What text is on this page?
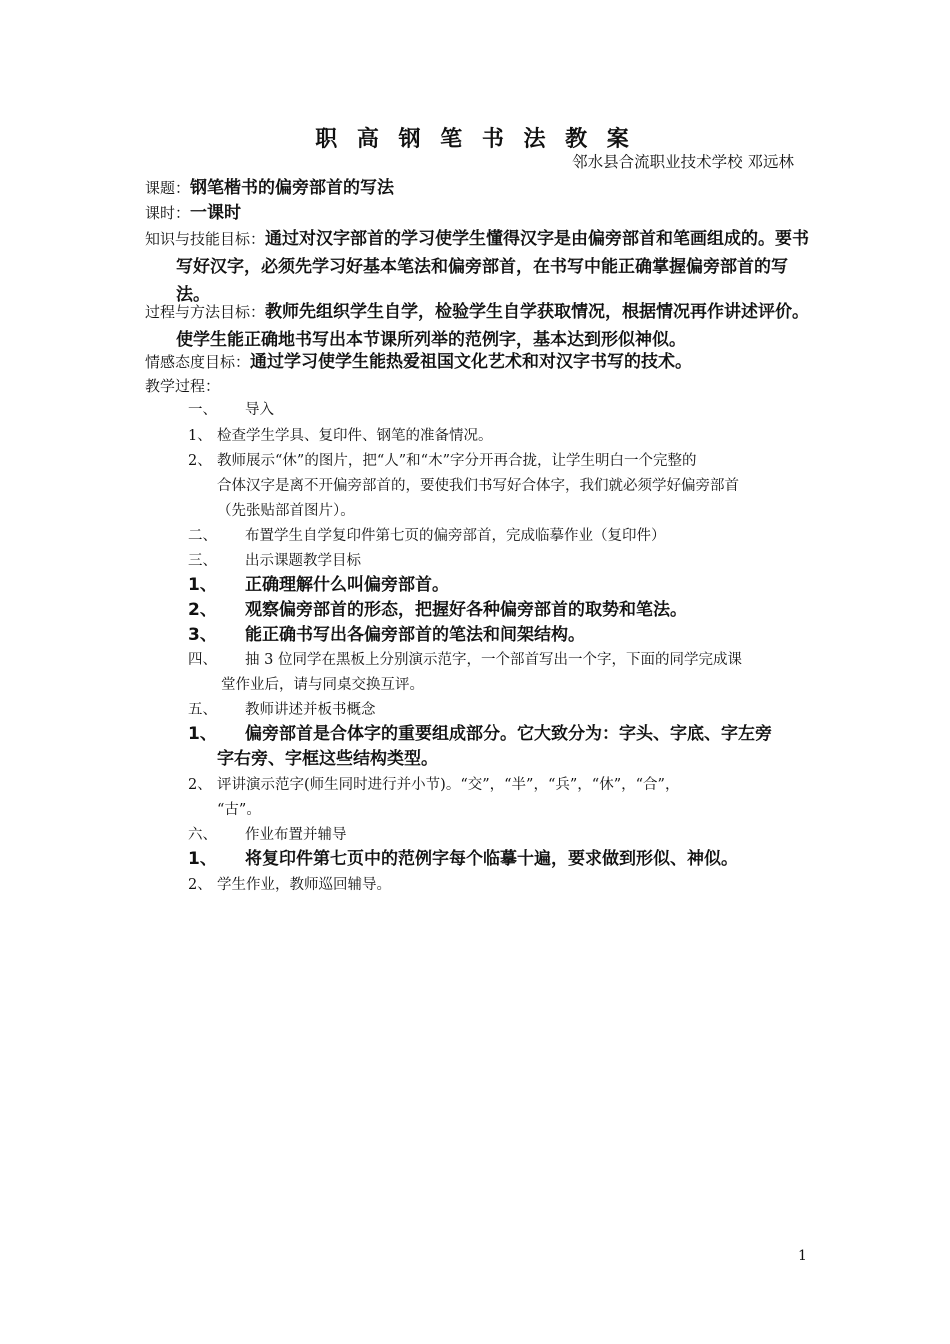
职 高 钢 笔 书 法 教 案
邻水县合流职业技术学校 邓远林
课题：钢笔楷书的偏旁部首的写法
课时：一课时
知识与技能目标：通过对汉字部首的学习使学生懂得汉字是由偏旁部首和笔画组成的。要书写好汉字，必须先学习好基本笔法和偏旁部首，在书写中能正确掌握偏旁部首的写法。
过程与方法目标：教师先组织学生自学，检验学生自学获取情况，根据情况再作讲述评价。使学生能正确地书写出本节课所列举的范例字，基本达到形似神似。
情感态度目标：通过学习使学生能热爱祖国文化艺术和对汉字书写的技术。
教学过程：
一、 导入
1、 检查学生学具、复印件、钢笔的准备情况。
2、 教师展示“休”的图片，把“人”和“木”字分开再合拢，让学生明白一个完整的
合体汉字是离不开偏旁部首的，要使我们书写好合体字，我们就必须学好偏旁部首
（先张贴部首图片）。
二、 布置学生自学复印件第七页的偏旁部首，完成临摹作业（复印件）
三、 出示课题教学目标
1、 正确理解什么叫偏旁部首。
2、 观察偏旁部首的形态，把握好各种偏旁部首的取势和笔法。
3、 能正确书写出各偏旁部首的笔法和间架结构。
四、 抽 3 位同学在黑板上分别演示范字，一个部首写出一个字，下面的同学完成课
堂作业后，请与同桌交换互评。
五、 教师讲述并板书概念
1、 偏旁部首是合体字的重要组成部分。它大致分为：字头、字底、字左旁
字右旁、字框这些结构类型。
2、 评讲演示范字(师生同时进行并小节)。“交”，“半”，“兵”，“休”，“合”，
“古”。
六、 作业布置并辅导
1、 将复印件第七页中的范例字每个临摹十遍，要求做到形似、神似。
2、 学生作业，教师巡回辅导。
1
